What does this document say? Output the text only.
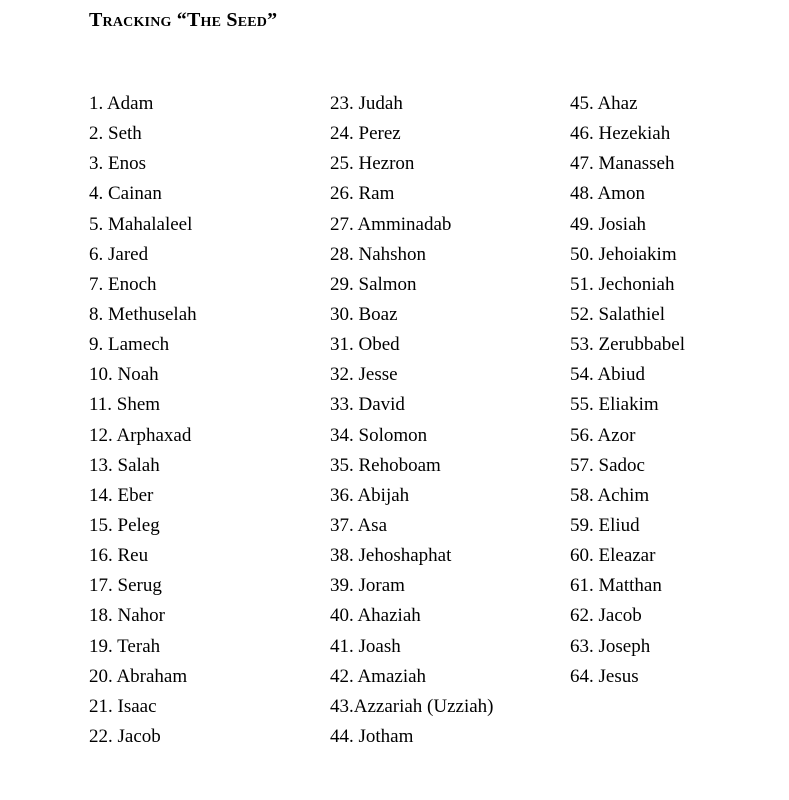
Tracking “The Seed”
1. Adam
2. Seth
3. Enos
4. Cainan
5. Mahalaleel
6. Jared
7. Enoch
8. Methuselah
9. Lamech
10. Noah
11. Shem
12. Arphaxad
13. Salah
14. Eber
15. Peleg
16. Reu
17. Serug
18. Nahor
19. Terah
20. Abraham
21. Isaac
22. Jacob
23. Judah
24. Perez
25. Hezron
26. Ram
27. Amminadab
28. Nahshon
29. Salmon
30. Boaz
31. Obed
32. Jesse
33. David
34. Solomon
35. Rehoboam
36. Abijah
37. Asa
38. Jehoshaphat
39. Joram
40. Ahaziah
41. Joash
42. Amaziah
43.Azzariah (Uzziah)
44. Jotham
45. Ahaz
46. Hezekiah
47. Manasseh
48. Amon
49. Josiah
50. Jehoiakim
51. Jechoniah
52. Salathiel
53. Zerubbabel
54. Abiud
55. Eliakim
56. Azor
57. Sadoc
58. Achim
59. Eliud
60. Eleazar
61. Matthan
62. Jacob
63. Joseph
64. Jesus
